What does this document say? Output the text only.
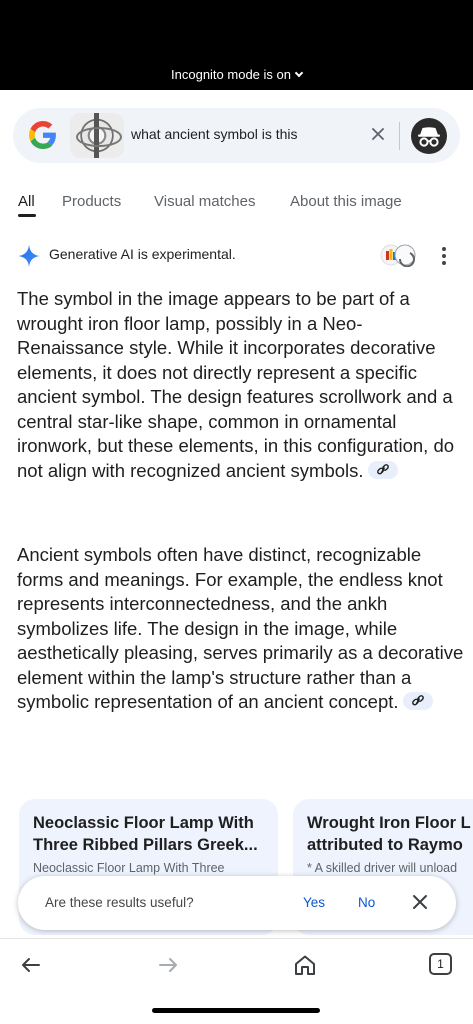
Incognito mode is on
what ancient symbol is this
All Products Visual matches About this image
Generative AI is experimental.
The symbol in the image appears to be part of a wrought iron floor lamp, possibly in a Neo-Renaissance style. While it incorporates decorative elements, it does not directly represent a specific ancient symbol. The design features scrollwork and a central star-like shape, common in ornamental ironwork, but these elements, in this configuration, do not align with recognized ancient symbols.
Ancient symbols often have distinct, recognizable forms and meanings. For example, the endless knot represents interconnectedness, and the ankh symbolizes life. The design in the image, while aesthetically pleasing, serves primarily as a decorative element within the lamp's structure rather than a symbolic representation of an ancient concept.
Neoclassic Floor Lamp With Three Ribbed Pillars Greek...
Neoclassic Floor Lamp With Three
Wrought Iron Floor L attributed to Raymo
* A skilled driver will unload
Are these results useful?	Yes No
1
